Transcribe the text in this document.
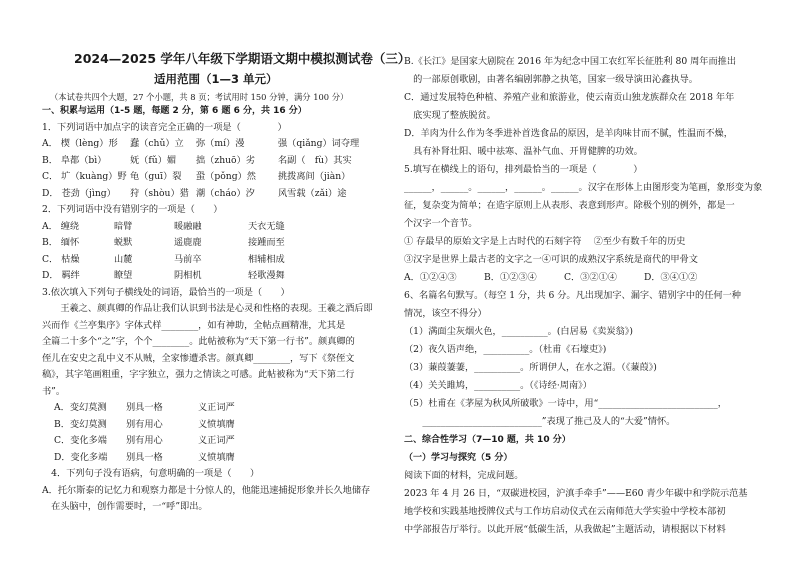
2024—2025 学年八年级下学期语文期中模拟测试卷（三）
适用范围（1—3 单元）
（本试卷共四个大题，27 个小题，共 8 页；考试用时 150 分钟，满分 100 分）
一、积累与运用（1-5 题，每题 2 分，第 6 题 6 分，共 16 分）
1．下列词语中加点字的读音完全正确的一项是（　　　　）
A． 楔（lèng）形 蠢（chǔ）立 弥（mí）漫	强（qiǎng）词夺理
B． 阜都（bì）	妩（fǔ）媚 拙（zhuō）劣	名副（　fù）其实
C． 圹（kuàng）野 龟（guī）裂 蛩（pǒng）然 挑拨离间（jiàn）
D． 苍劲（jìng） 狩（shòu）猎 潮（cháo）汐	风雪载（zǎi）途
2．下列词语中没有错别字的一项是（　　）
A． 缠绕	暗臂	暖融融	天衣无缝
B． 缅怀	蜕默	遥鹿鹿	接踵而至
C． 枯燥	山麓	马前卒	相辅相成
D． 羁绊	瞭望	阴相机	轻歌漫舞
3.依次填入下列句子横线处的词语，最恰当的一项是（　　）
　　王羲之、颜真卿的作品让我们认识到书法是心灵和性格的表现。王羲之酒后即
兴而作《兰亭集序》字体式样________，如有神助，全帖点画精准，尤其是
全篇二十多个“之”字，个个________。此帖被称为“天下第一行书”。颜真卿的
侄儿在安史之乱中义不从贼，全家惨遭杀害。颜真卿________，写下《祭侄文
稿》，其字笔画粗重，字字独立，强力之情读之可感。此帖被称为“天下第二行
书”。
A．变幻莫测 别具一格	义正词严
B．变幻莫测 别有用心	义愤填膺
C．变化多端 别有用心	义正词严
D．变化多端 别具一格	义愤填膺
　4．下列句子没有语病，句意明确的一项是（　　）
A．托尔斯泰的记忆力和观察力都是十分惊人的，他能迅速捕捉形象并长久地储存
　在头脑中，创作需要时，一“呼”即出。
B.《长江》是国家大剧院在 2016 年为纪念中国工农红军长征胜利 80 周年而推出
　的一部原创歌剧，由著名编剧郭静之执笔，国家一级导演田沁鑫执导。
C．通过发展特色种植、养殖产业和旅游业，使云南贡山独龙族群众在 2018 年年
　底实现了整族脱贫。
D．羊肉为什么作为冬季进补首选食品的原因，是羊肉味甘而不腻，性温而不燥，
　具有补肾壮阳、暖中祛寒、温补气血、开胃健脾的功效。
5.填写在横线上的语句，排列最恰当的一项是（　　　　）
______，______。______，______。______。汉字在形体上由图形变为笔画，象形变为象
征，复杂变为简单；在造字原则上从表形、表意到形声。除极个别的例外，都是一
个汉字一个音节。
① 存最早的原始文字是上古时代的石刻字符　 ②至少有数千年的历史
③汉字是世界上最古老的文字之一④可识的成熟汉字系统是商代的甲骨文
A．①②④③	B．①②③④	C．③②①④	D．③④①②
6、名篇名句默写。（每空 1 分，共 6 分。凡出现加字、漏字、错别字中的任何一种
情况，该空不得分）
（1）满面尘灰烟火色，__________。(白居易《卖炭翁》)
（2）夜久语声绝，__________。（杜甫《石壕吏》)
（3）蒹葭萋萋，__________。所谓伊人，在水之湄。（《蒹葭》)
（4）关关雎鸠，__________。（《诗经·周南》）
（5）杜甫在《茅屋为秋风所破歌》一诗中，用“__________________________，
　　__________________________”表现了推己及人的“大爱”情怀。
二、综合性学习（7—10 题，共 10 分）
（一）学习与探究（5 分）
阅读下面的材料，完成问题。
2023 年 4 月 26 日，“双碳进校园，沪滇手牵手”——E60 青少年碳中和学院示范基
地学校和实践基地授牌仪式与工作坊启动仪式在云南师范大学实验中学校本部初
中学部报告厅举行。以此开展“低碳生活，从我做起”主题活动，请根据以下材料
